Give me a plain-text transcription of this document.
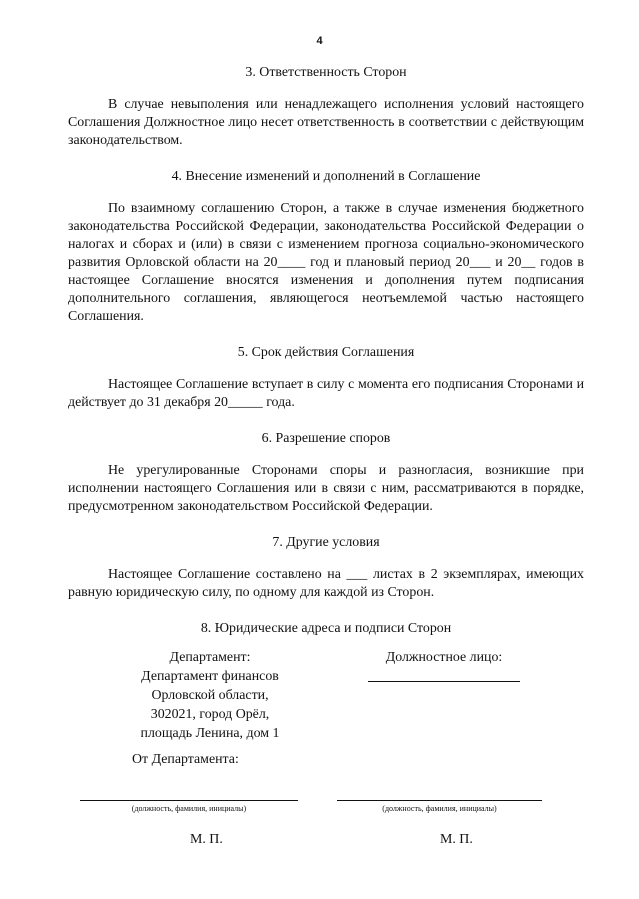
4
3. Ответственность Сторон

В случае невыполения или ненадлежащего исполнения условий настоящего Соглашения Должностное лицо несет ответственность в соответствии с действующим законодательством.

4. Внесение изменений и дополнений в Соглашение

По взаимному соглашению Сторон, а также в случае изменения бюджетного законодательства Российской Федерации, законодательства Российской Федерации о налогах и сборах и (или) в связи с изменением прогноза социально-экономического развития Орловской области на 20____ год и плановый период 20___ и 20__ годов в настоящее Соглашение вносятся изменения и дополнения путем подписания дополнительного соглашения, являющегося неотъемлемой частью настоящего Соглашения.

5. Срок действия Соглашения

Настоящее Соглашение вступает в силу с момента его подписания Сторонами и действует до 31 декабря 20_____ года.

6. Разрешение споров

Не урегулированные Сторонами споры и разногласия, возникшие при исполнении настоящего Соглашения или в связи с ним, рассматриваются в порядке, предусмотренном законодательством Российской Федерации.

7. Другие условия

Настоящее Соглашение составлено на ___ листах в 2 экземплярах, имеющих равную юридическую силу, по одному для каждой из Сторон.

8. Юридические адреса и подписи Сторон
Департамент:
Департамент финансов
Орловской области,
302021, город Орёл,
площадь Ленина, дом 1
Должностное лицо:
От Департамента:
(должность, фамилия, инициалы)	(должность, фамилия, инициалы)
М. П.	М. П.
